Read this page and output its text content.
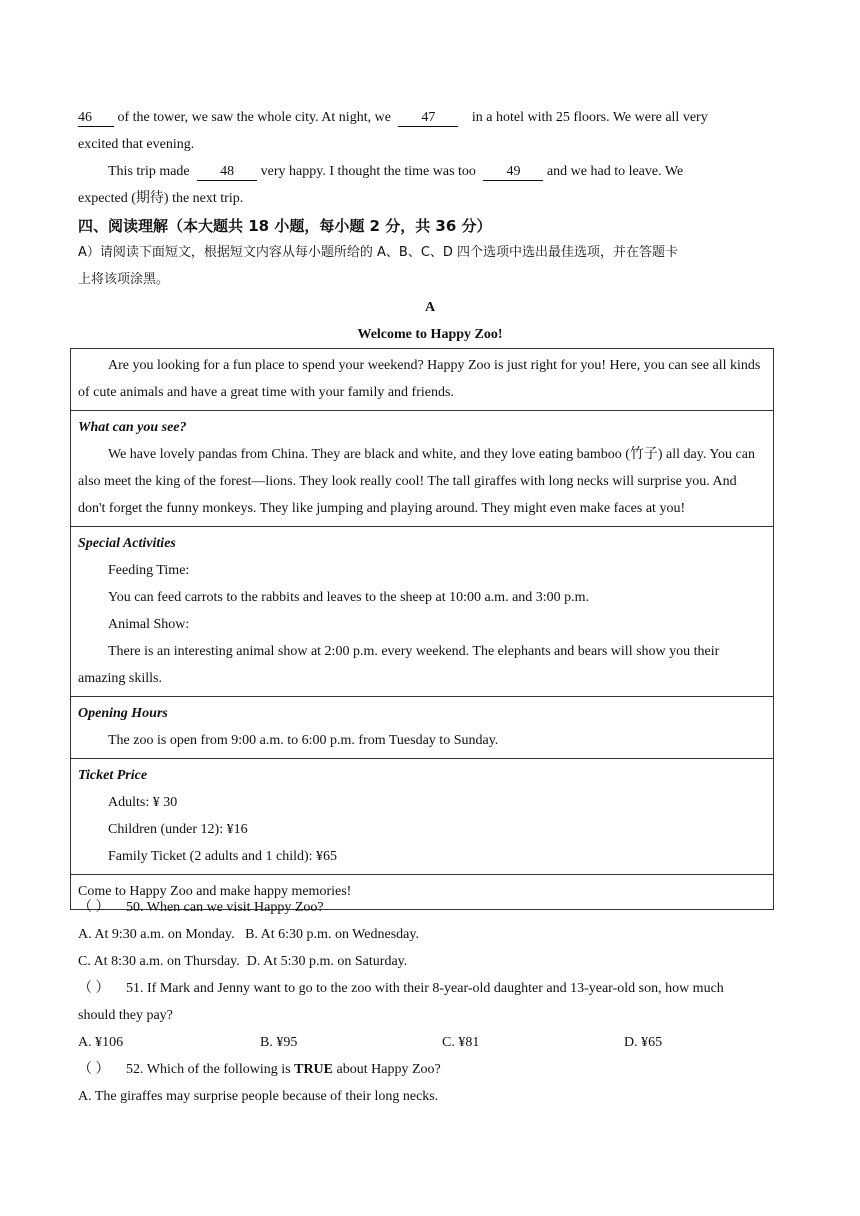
46 of the tower, we saw the whole city. At night, we 47	in a hotel with 25 floors. We were all very
excited that evening.
This trip made 48 very happy. I thought the time was too 49 and we had to leave. We
expected (期待) the next trip.
四、阅读理解（本大题共 18 小题，每小题 2 分，共 36 分）
A）请阅读下面短文，根据短文内容从每小题所给的 A、B、C、D 四个选项中选出最佳选项，并在答题卡
上将该项涂黑。
A
Welcome to Happy Zoo!
Are you looking for a fun place to spend your weekend? Happy Zoo is just right for you! Here, you can see all kinds of cute animals and have a great time with your family and friends.

What can you see?
We have lovely pandas from China. They are black and white, and they love eating bamboo (竹子) all day. You can also meet the king of the forest—lions. They look really cool! The tall giraffes with long necks will surprise you. And don't forget the funny monkeys. They like jumping and playing around. They might even make faces at you!

Special Activities
Feeding Time:
You can feed carrots to the rabbits and leaves to the sheep at 10:00 a.m. and 3:00 p.m.
Animal Show:
There is an interesting animal show at 2:00 p.m. every weekend. The elephants and bears will show you their amazing skills.

Opening Hours
The zoo is open from 9:00 a.m. to 6:00 p.m. from Tuesday to Sunday.

Ticket Price
Adults: ¥ 30
Children (under 12): ¥16
Family Ticket (2 adults and 1 child): ¥65

Come to Happy Zoo and make happy memories!
（ ） 50. When can we visit Happy Zoo?
A. At 9:30 a.m. on Monday. B. At 6:30 p.m. on Wednesday.
C. At 8:30 a.m. on Thursday. D. At 5:30 p.m. on Saturday.
（ ） 51. If Mark and Jenny want to go to the zoo with their 8-year-old daughter and 13-year-old son, how much
should they pay?
A. ¥106	B. ¥95	C. ¥81	D. ¥65
（ ） 52. Which of the following is TRUE about Happy Zoo?
A. The giraffes may surprise people because of their long necks.
